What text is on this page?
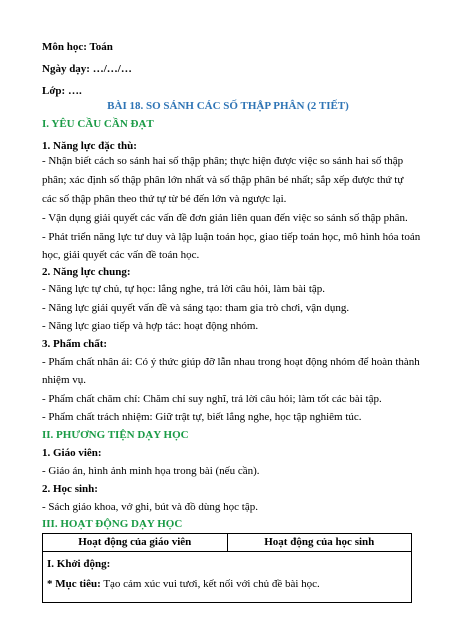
Môn học: Toán
Ngày dạy: …/…/…
Lớp: ….
BÀI 18. SO SÁNH CÁC SỐ THẬP PHÂN (2 TIẾT)
I. YÊU CẦU CẦN ĐẠT
1. Năng lực đặc thù:
- Nhận biết cách so sánh hai số thập phân; thực hiện được việc so sánh hai số thập
phân; xác định số thập phân lớn nhất và số thập phân bé nhất; sắp xếp được thứ tự
các số thập phân theo thứ tự từ bé đến lớn và ngược lại.
- Vận dụng giải quyết các vấn đề đơn giản liên quan đến việc so sánh số thập phân.
- Phát triển năng lực tư duy và lập luận toán học, giao tiếp toán học, mô hình hóa toán
học, giải quyết các vấn đề toán học.
2. Năng lực chung:
- Năng lực tự chủ, tự học: lắng nghe, trả lời câu hỏi, làm bài tập.
- Năng lực giải quyết vấn đề và sáng tạo: tham gia trò chơi, vận dụng.
- Năng lực giao tiếp và hợp tác: hoạt động nhóm.
3. Phẩm chất:
- Phẩm chất nhân ái: Có ý thức giúp đỡ lẫn nhau trong hoạt động nhóm để hoàn thành
nhiệm vụ.
- Phẩm chất chăm chỉ: Chăm chỉ suy nghĩ, trả lời câu hỏi; làm tốt các bài tập.
- Phẩm chất trách nhiệm: Giữ trật tự, biết lắng nghe, học tập nghiêm túc.
II. PHƯƠNG TIỆN DẠY HỌC
1. Giáo viên:
- Giáo án, hình ảnh minh họa trong bài (nếu cần).
2. Học sinh:
- Sách giáo khoa, vở ghi, bút và đồ dùng học tập.
III. HOẠT ĐỘNG DẠY HỌC
Hoạt động của giáo viên	Hoạt động của học sinh

I. Khởi động:
* Mục tiêu: Tạo cảm xúc vui tươi, kết nối với chủ đề bài học.
